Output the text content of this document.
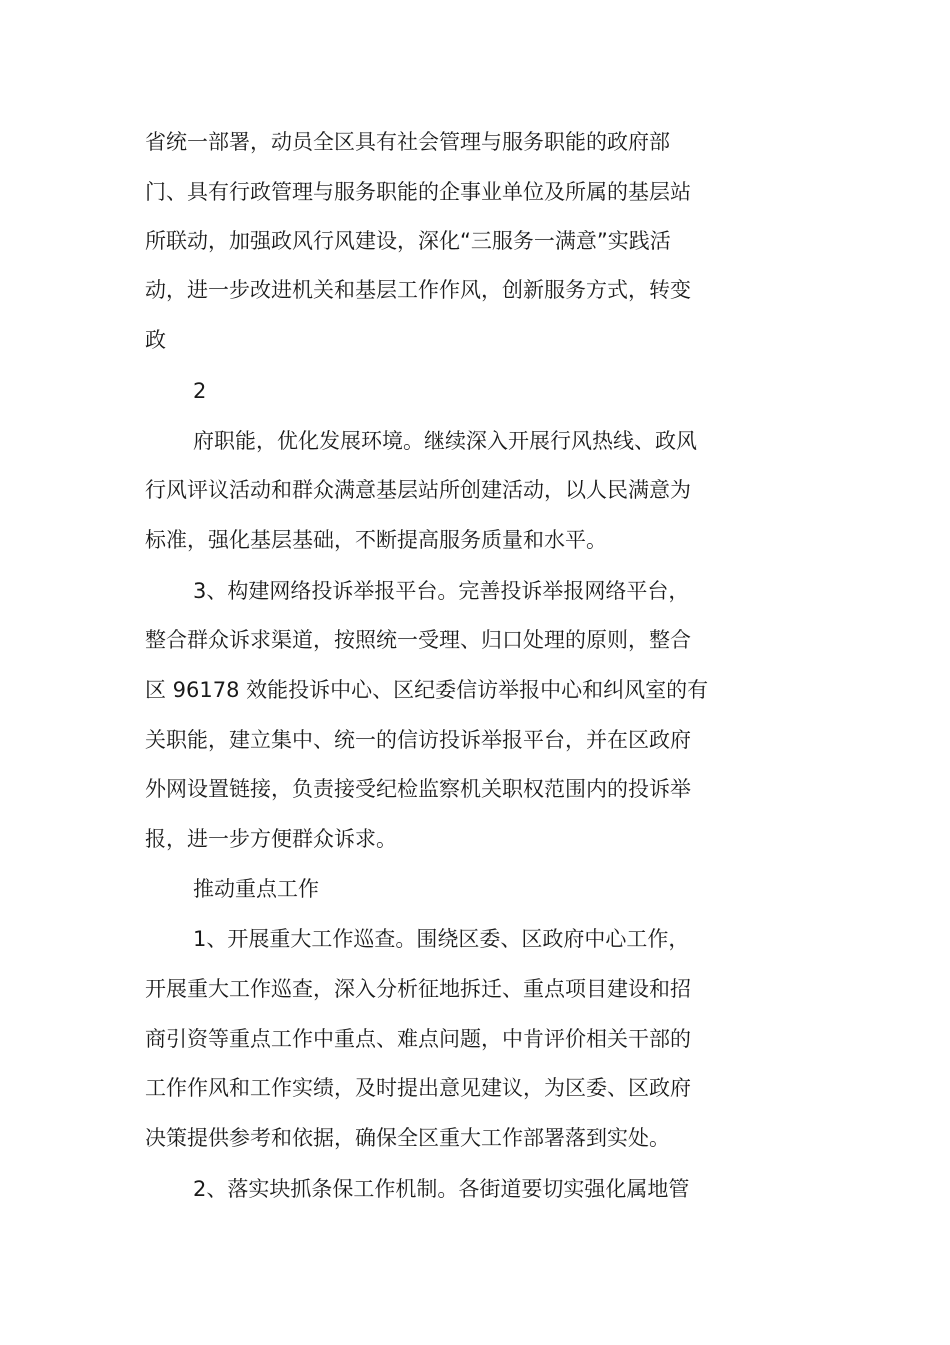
省统一部署，动员全区具有社会管理与服务职能的政府部

门、具有行政管理与服务职能的企事业单位及所属的基层站

所联动，加强政风行风建设，深化“三服务一满意”实践活

动，进一步改进机关和基层工作作风，创新服务方式，转变

政

2

府职能，优化发展环境。继续深入开展行风热线、政风

行风评议活动和群众满意基层站所创建活动，以人民满意为

标准，强化基层基础，不断提高服务质量和水平。

3、构建网络投诉举报平台。完善投诉举报网络平台，

整合群众诉求渠道，按照统一受理、归口处理的原则，整合

区 96178 效能投诉中心、区纪委信访举报中心和纠风室的有

关职能，建立集中、统一的信访投诉举报平台，并在区政府

外网设置链接，负责接受纪检监察机关职权范围内的投诉举

报，进一步方便群众诉求。

推动重点工作

1、开展重大工作巡查。围绕区委、区政府中心工作，

开展重大工作巡查，深入分析征地拆迁、重点项目建设和招

商引资等重点工作中重点、难点问题，中肯评价相关干部的

工作作风和工作实绩，及时提出意见建议，为区委、区政府

决策提供参考和依据，确保全区重大工作部署落到实处。

2、落实块抓条保工作机制。各街道要切实强化属地管
